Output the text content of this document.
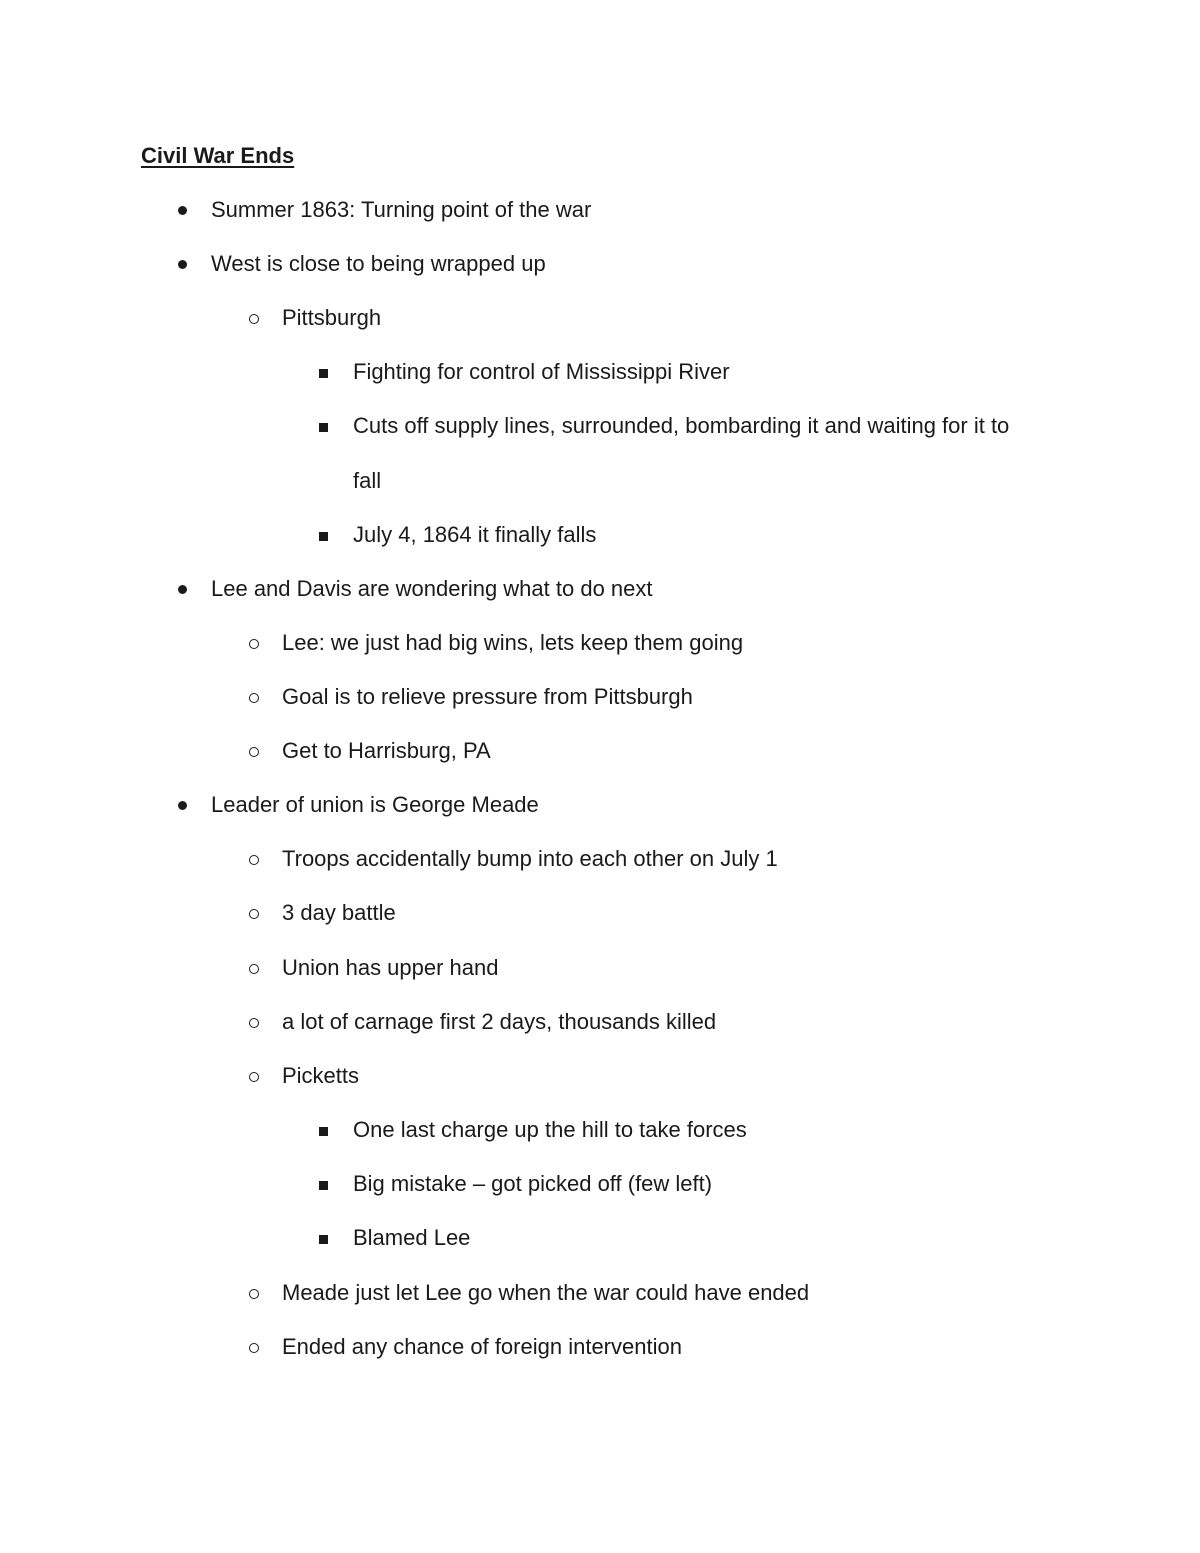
Civil War Ends
Summer 1863: Turning point of the war
West is close to being wrapped up
Pittsburgh
Fighting for control of Mississippi River
Cuts off supply lines, surrounded, bombarding it and waiting for it to
fall
July 4, 1864 it finally falls
Lee and Davis are wondering what to do next
Lee: we just had big wins, lets keep them going
Goal is to relieve pressure from Pittsburgh
Get to Harrisburg, PA
Leader of union is George Meade
Troops accidentally bump into each other on July 1
3 day battle
Union has upper hand
a lot of carnage first 2 days, thousands killed
Picketts
One last charge up the hill to take forces
Big mistake – got picked off (few left)
Blamed Lee
Meade just let Lee go when the war could have ended
Ended any chance of foreign intervention
